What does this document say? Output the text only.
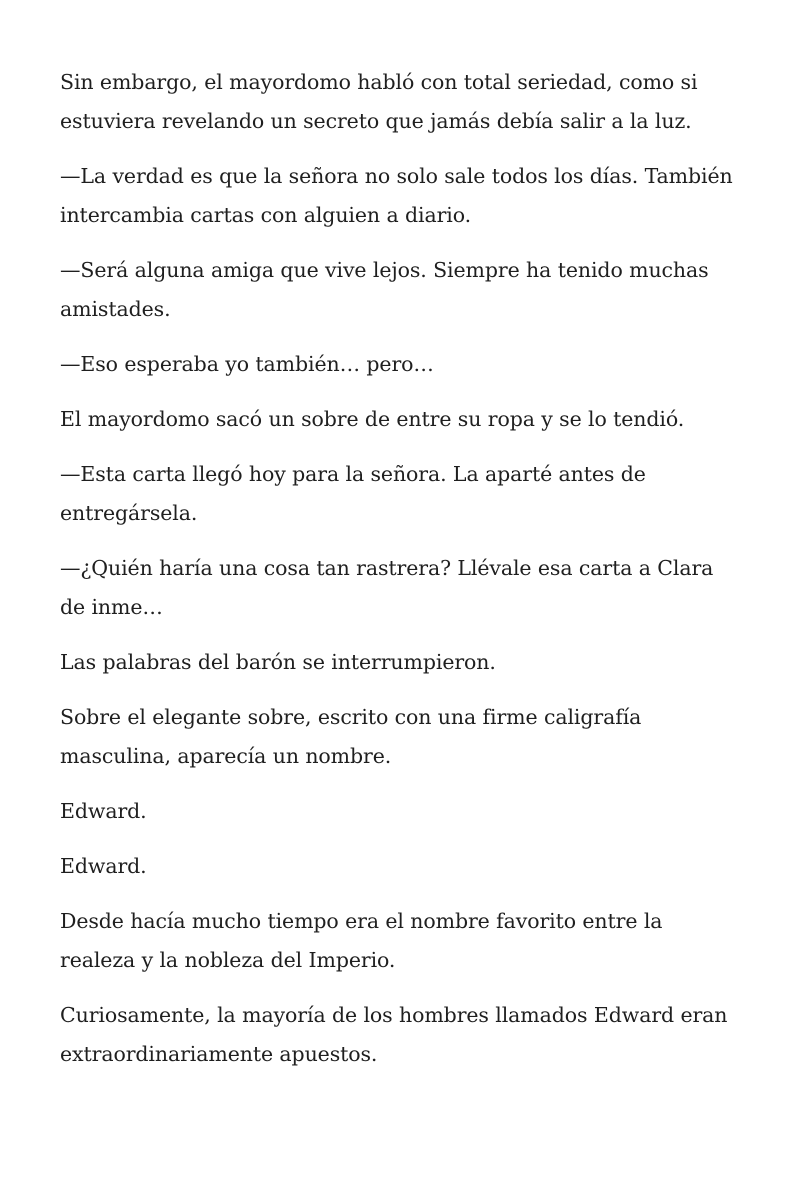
Sin embargo, el mayordomo habló con total seriedad, como si estuviera revelando un secreto que jamás debía salir a la luz.

—La verdad es que la señora no solo sale todos los días. También intercambia cartas con alguien a diario.

—Será alguna amiga que vive lejos. Siempre ha tenido muchas amistades.

—Eso esperaba yo también… pero…

El mayordomo sacó un sobre de entre su ropa y se lo tendió.

—Esta carta llegó hoy para la señora. La aparté antes de entregársela.

—¿Quién haría una cosa tan rastrera? Llévale esa carta a Clara de inme…

Las palabras del barón se interrumpieron.

Sobre el elegante sobre, escrito con una firme caligrafía masculina, aparecía un nombre.

Edward.

Edward.

Desde hacía mucho tiempo era el nombre favorito entre la realeza y la nobleza del Imperio.

Curiosamente, la mayoría de los hombres llamados Edward eran extraordinariamente apuestos.
